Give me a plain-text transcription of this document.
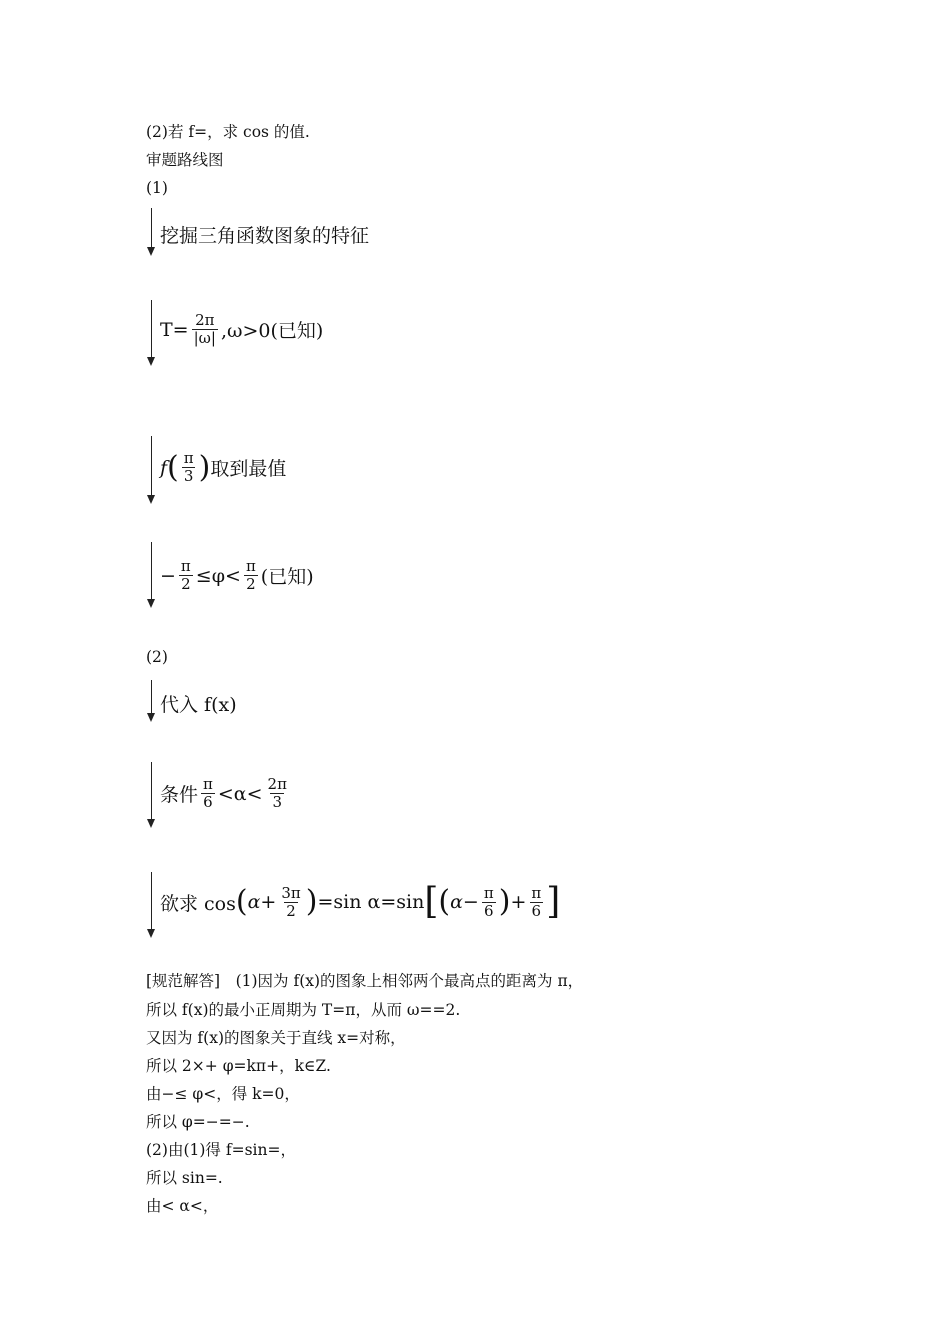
(2)若 f=，求 cos 的值.
审题路线图
(1)
挖掘三角函数图象的特征
$T= \frac{2\pi}{|\omega|} ,\omega>0$(已知)
f ( $\frac{\pi}{3}$ ) 取到最值
− $\frac{\pi}{2} \le\varphi< \frac{\pi}{2}$ (已知)
(2)
代入 f(x)
条件 $\frac{\pi}{6} <\alpha< \frac{2\pi}{3}$
欲求 cos ( $\alpha+ \frac{3\pi}{2}$ ) =sin α=sin [ ( $\alpha- \frac{\pi}{6}$ ) + $\frac{\pi}{6}$ ]
[规范解答]　(1)因为 f(x)的图象上相邻两个最高点的距离为 π，
所以 f(x)的最小正周期为 T=π，从而 ω==2.
又因为 f(x)的图象关于直线 x=对称，
所以 2×+ φ=kπ+，k∈Z.
由−≤ φ<，得 k=0，
所以 φ=−=−.
(2)由(1)得 f=sin=，
所以 sin=.
由< α<，
